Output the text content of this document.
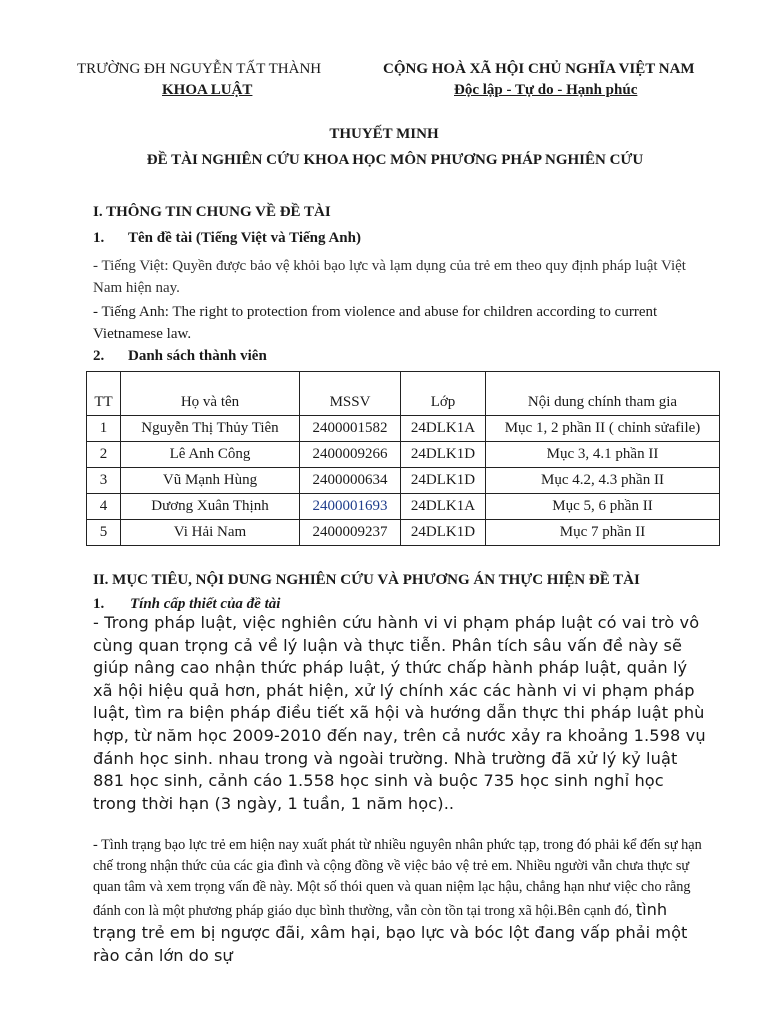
TRƯỜNG ĐH NGUYỄN TẤT THÀNH
KHOA LUẬT
CỘNG HOÀ XÃ HỘI CHỦ NGHĨA VIỆT NAM
Độc lập - Tự do - Hạnh phúc
THUYẾT MINH
ĐỀ TÀI NGHIÊN CỨU KHOA HỌC MÔN PHƯƠNG PHÁP NGHIÊN CỨU
I. THÔNG TIN CHUNG VỀ ĐỀ TÀI
1. Tên đề tài (Tiếng Việt và Tiếng Anh)
- Tiếng Việt: Quyền được bảo vệ khỏi bạo lực và lạm dụng của trẻ em theo quy định pháp luật Việt Nam hiện nay.
- Tiếng Anh: The right to protection from violence and abuse for children according to current Vietnamese law.
2. Danh sách thành viên
TT	Họ và tên	MSSV	Lớp	Nội dung chính tham gia
1	Nguyễn Thị Thủy Tiên	2400001582	24DLK1A	Mục 1, 2 phần II ( chỉnh sửafile)
2	Lê Anh Công	2400009266	24DLK1D	Mục 3, 4.1 phần II
3	Vũ Mạnh Hùng	2400000634	24DLK1D	Mục 4.2, 4.3 phần II
4	Dương Xuân Thịnh	2400001693	24DLK1A	Mục 5, 6 phần II
5	Vi Hải Nam	2400009237	24DLK1D	Mục 7 phần II
II. MỤC TIÊU, NỘI DUNG NGHIÊN CỨU VÀ PHƯƠNG ÁN THỰC HIỆN ĐỀ TÀI
1. Tính cấp thiết của đề tài
- Trong pháp luật, việc nghiên cứu hành vi vi phạm pháp luật có vai trò vô cùng quan trọng cả về lý luận và thực tiễn. Phân tích sâu vấn đề này sẽ giúp nâng cao nhận thức pháp luật, ý thức chấp hành pháp luật, quản lý xã hội hiệu quả hơn, phát hiện, xử lý chính xác các hành vi vi phạm pháp luật, tìm ra biện pháp điều tiết xã hội và hướng dẫn thực thi pháp luật phù hợp, từ năm học 2009-2010 đến nay, trên cả nước xảy ra khoảng 1.598 vụ đánh học sinh. nhau trong và ngoài trường. Nhà trường đã xử lý kỷ luật 881 học sinh, cảnh cáo 1.558 học sinh và buộc 735 học sinh nghỉ học trong thời hạn (3 ngày, 1 tuần, 1 năm học)..
- Tình trạng bạo lực trẻ em hiện nay xuất phát từ nhiều nguyên nhân phức tạp, trong đó phải kể đến sự hạn chế trong nhận thức của các gia đình và cộng đồng về việc bảo vệ trẻ em. Nhiều người vẫn chưa thực sự quan tâm và xem trọng vấn đề này. Một số thói quen và quan niệm lạc hậu, chẳng hạn như việc cho rằng đánh con là một phương pháp giáo dục bình thường, vẫn còn tồn tại trong xã hội.Bên cạnh đó, tình trạng trẻ em bị ngược đãi, xâm hại, bạo lực và bóc lột đang vấp phải một rào cản lớn do sự
